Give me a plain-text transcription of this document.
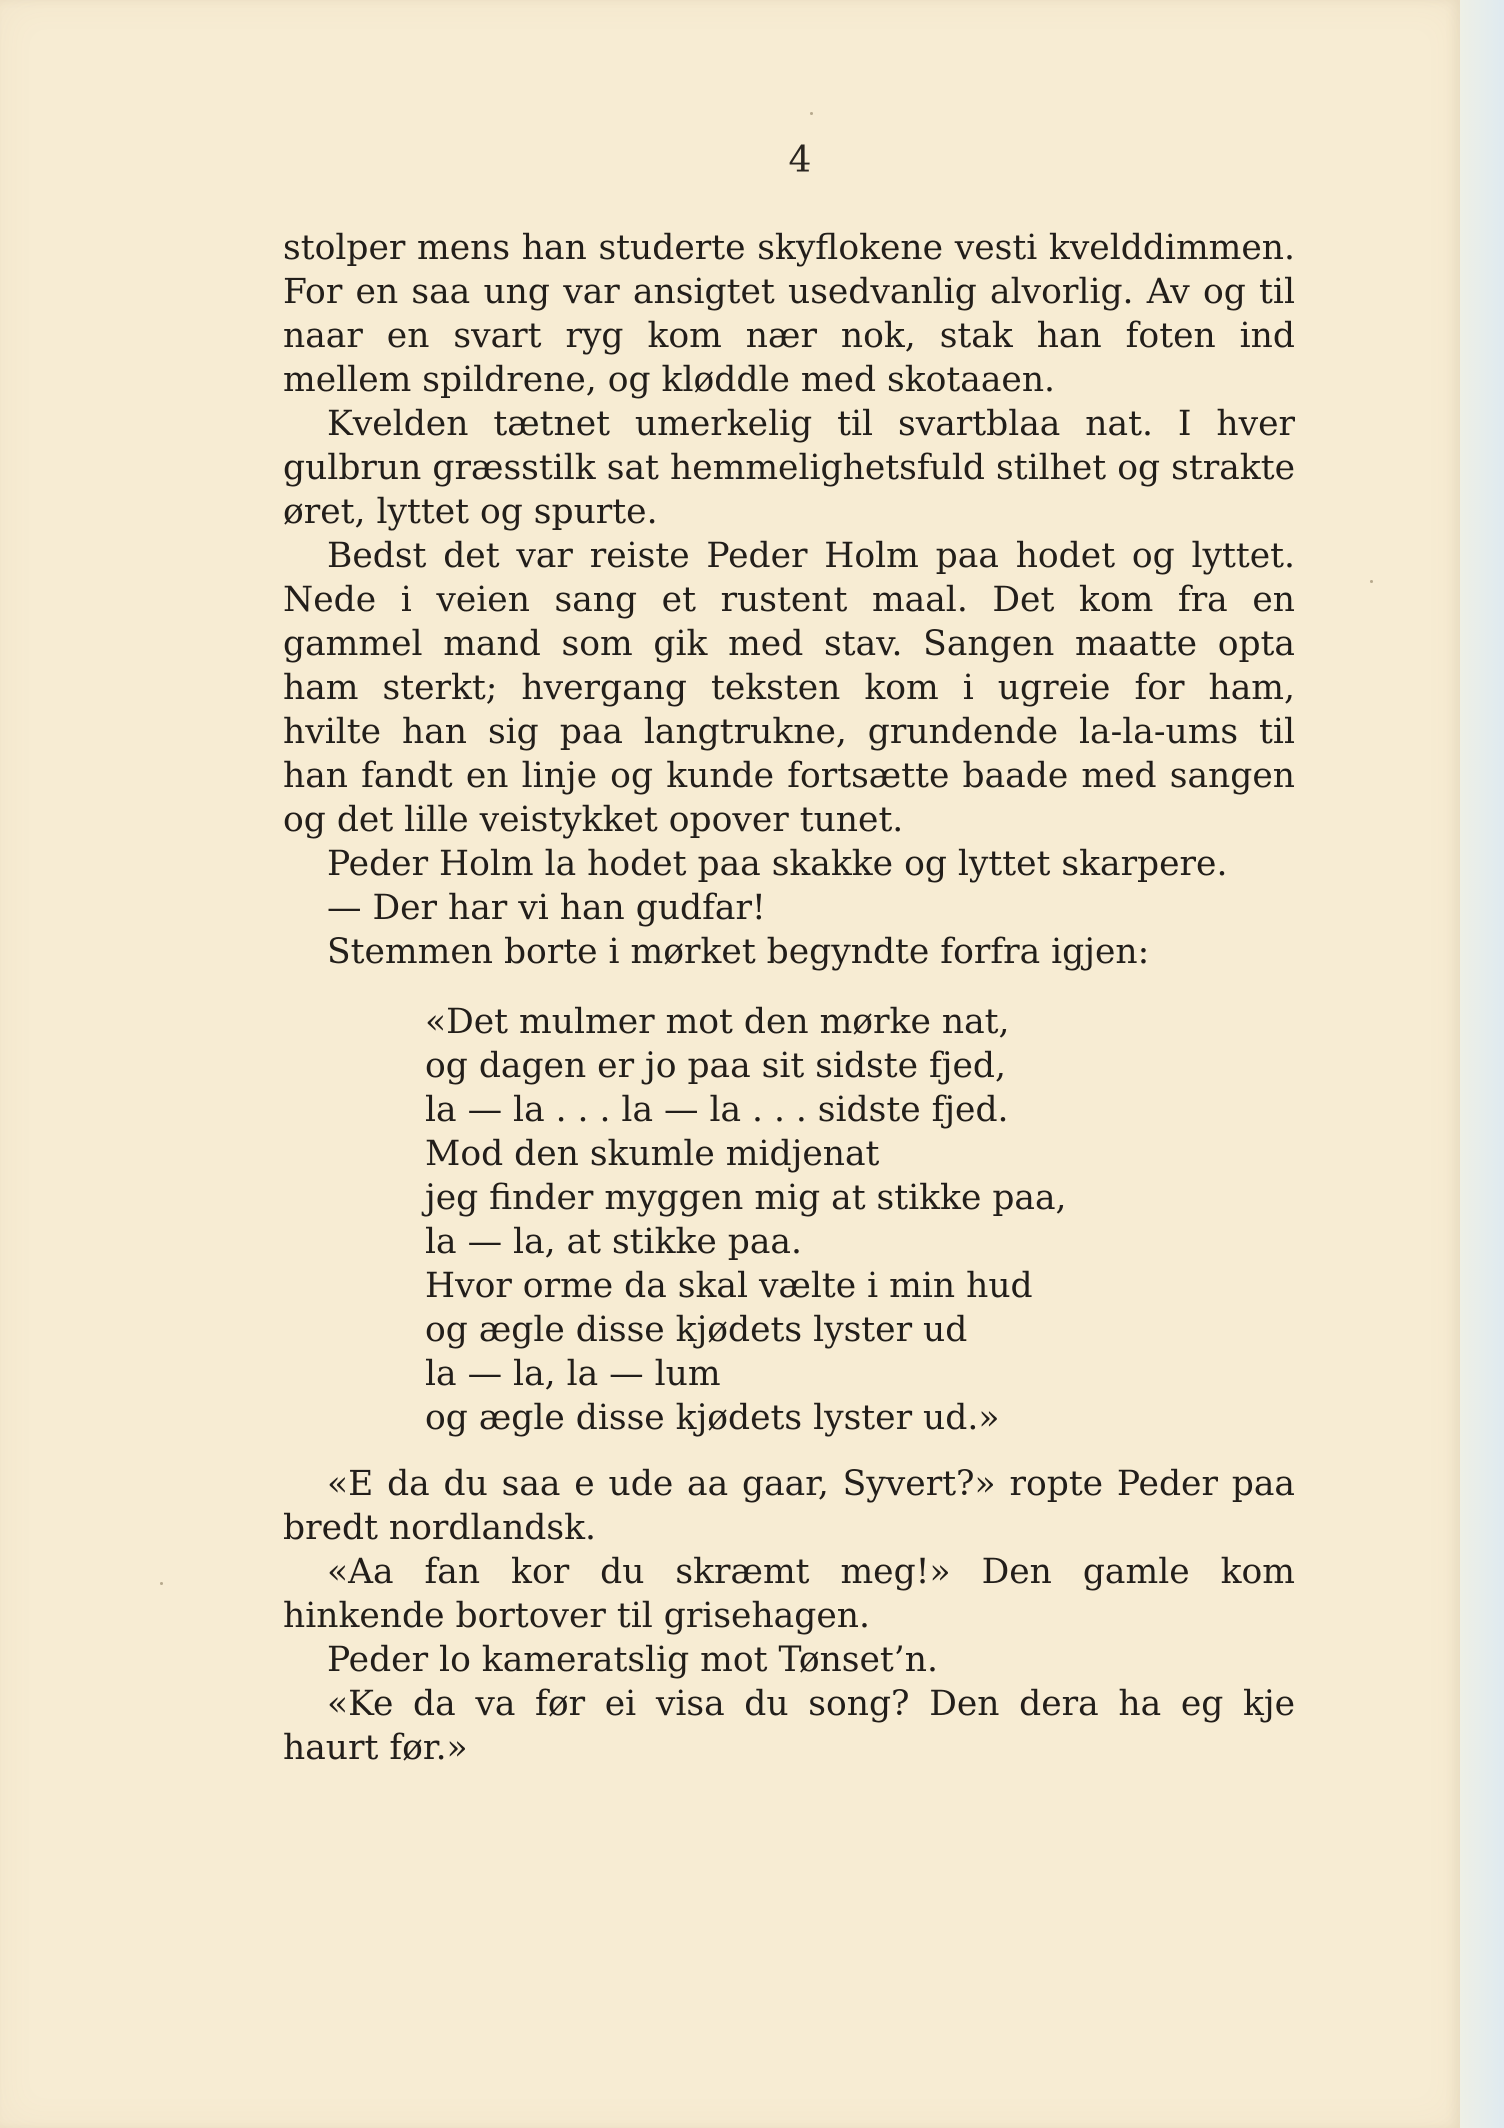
4

stolper mens han studerte skyflokene vesti kvelddimmen. For en saa ung var ansigtet usedvanlig alvorlig. Av og til naar en svart ryg kom nær nok, stak han foten ind mellem spildrene, og kløddle med skotaaen.

Kvelden tætnet umerkelig til svartblaa nat. I hver gulbrun græsstilk sat hemmelighetsfuld stilhet og strakte øret, lyttet og spurte.

Bedst det var reiste Peder Holm paa hodet og lyttet. Nede i veien sang et rustent maal. Det kom fra en gammel mand som gik med stav. Sangen maatte opta ham sterkt; hvergang teksten kom i ugreie for ham, hvilte han sig paa langtrukne, grundende la-la-ums til han fandt en linje og kunde fortsætte baade med sangen og det lille veistykket opover tunet.

Peder Holm la hodet paa skakke og lyttet skarpere.

— Der har vi han gudfar!

Stemmen borte i mørket begyndte forfra igjen:

«Det mulmer mot den mørke nat,
og dagen er jo paa sit sidste fjed,
la — la . . . la — la . . . sidste fjed.
Mod den skumle midjenat
jeg finder myggen mig at stikke paa,
la — la, at stikke paa.
Hvor orme da skal vælte i min hud
og ægle disse kjødets lyster ud
la — la, la — lum
og ægle disse kjødets lyster ud.»

«E da du saa e ude aa gaar, Syvert?» ropte Peder paa bredt nordlandsk.

«Aa fan kor du skræmt meg!» Den gamle kom hinkende bortover til grisehagen.

Peder lo kameratslig mot Tønset’n.

«Ke da va før ei visa du song? Den dera ha eg kje haurt før.»
